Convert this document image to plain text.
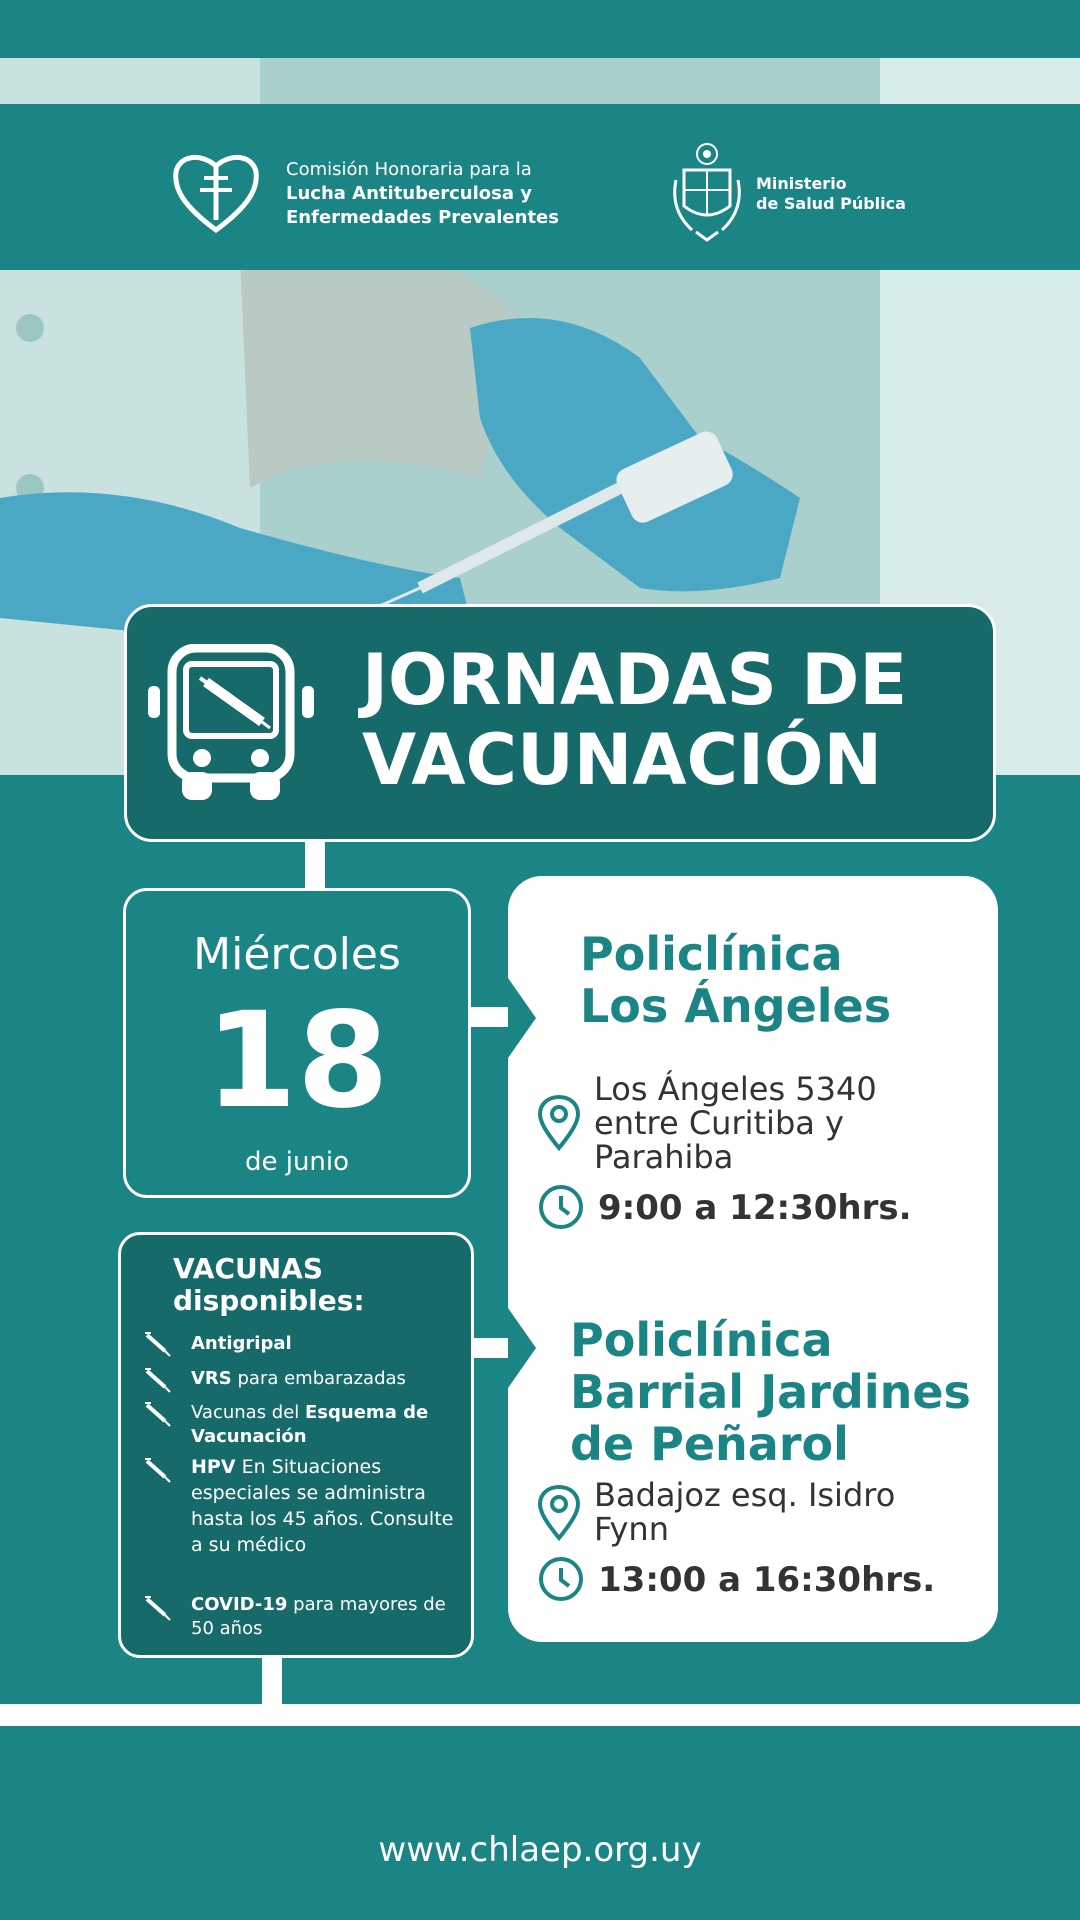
Comisión Honoraria para la
Lucha Antituberculosa y
Enfermedades Prevalentes
Ministerio
de Salud Pública
JORNADAS DE
VACUNACIÓN
Miércoles
18
de junio
VACUNAS
disponibles:
Antigripal
VRS para embarazadas
Vacunas del Esquema de Vacunación
HPV En Situaciones especiales se administra hasta los 45 años. Consulte a su médico
COVID-19 para mayores de 50 años
Policlínica
Los Ángeles
Los Ángeles 5340
entre Curitiba y
Parahiba
9:00 a 12:30hrs.
Policlínica
Barrial Jardines
de Peñarol
Badajoz esq. Isidro
Fynn
13:00 a 16:30hrs.
www.chlaep.org.uy
